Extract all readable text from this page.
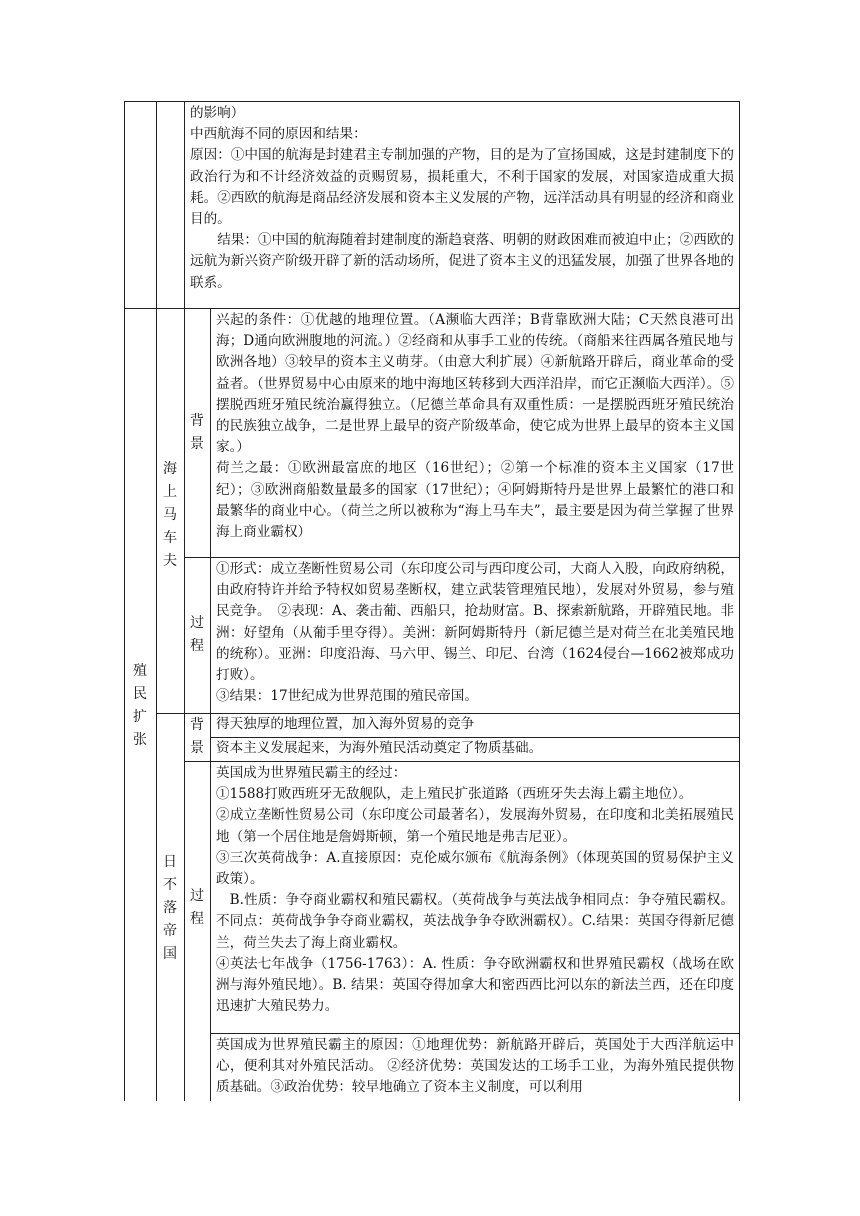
的影响）

中西航海不同的原因和结果：

原因：①中国的航海是封建君主专制加强的产物，目的是为了宣扬国威，这是封建制度下的政治行为和不计经济效益的贡赐贸易，损耗重大，不利于国家的发展，对国家造成重大损耗。②西欧的航海是商品经济发展和资本主义发展的产物，远洋活动具有明显的经济和商业目的。

结果：①中国的航海随着封建制度的渐趋衰落、明朝的财政困难而被迫中止；②西欧的远航为新兴资产阶级开辟了新的活动场所，促进了资本主义的迅猛发展，加强了世界各地的联系。

殖民扩张
海上马车夫
日不落帝国
背景
过程
背景
过程

兴起的条件：①优越的地理位置。（A濒临大西洋；B背靠欧洲大陆；C天然良港可出海；D通向欧洲腹地的河流。）②经商和从事手工业的传统。（商船来往西属各殖民地与欧洲各地）③较早的资本主义萌芽。（由意大利扩展）④新航路开辟后，商业革命的受益者。（世界贸易中心由原来的地中海地区转移到大西洋沿岸，而它正濒临大西洋）。⑤摆脱西班牙殖民统治赢得独立。（尼德兰革命具有双重性质：一是摆脱西班牙殖民统治的民族独立战争，二是世界上最早的资产阶级革命，使它成为世界上最早的资本主义国家。）

荷兰之最：①欧洲最富庶的地区（16世纪）；②第一个标准的资本主义国家（17世纪）；③欧洲商船数量最多的国家（17世纪）；④阿姆斯特丹是世界上最繁忙的港口和最繁华的商业中心。（荷兰之所以被称为“海上马车夫”，最主要是因为荷兰掌握了世界海上商业霸权）

①形式：成立垄断性贸易公司（东印度公司与西印度公司，大商人入股，向政府纳税，由政府特许并给予特权如贸易垄断权，建立武装管理殖民地），发展对外贸易，参与殖民竞争。　②表现：A、袭击葡、西船只，抢劫财富。B、探索新航路，开辟殖民地。非洲：好望角（从葡手里夺得）。美洲：新阿姆斯特丹（新尼德兰是对荷兰在北美殖民地的统称）。亚洲：印度沿海、马六甲、锡兰、印尼、台湾（1624侵台—1662被郑成功打败）。

③结果：17世纪成为世界范围的殖民帝国。

得天独厚的地理位置，加入海外贸易的竞争

资本主义发展起来，为海外殖民活动奠定了物质基础。

英国成为世界殖民霸主的经过：

①1588打败西班牙无敌舰队，走上殖民扩张道路（西班牙失去海上霸主地位）。

②成立垄断性贸易公司（东印度公司最著名），发展海外贸易，在印度和北美拓展殖民地（第一个居住地是詹姆斯顿，第一个殖民地是弗吉尼亚）。

③三次英荷战争：A.直接原因：克伦威尔颁布《航海条例》（体现英国的贸易保护主义政策）。

B.性质：争夺商业霸权和殖民霸权。（英荷战争与英法战争相同点：争夺殖民霸权。不同点：英荷战争争夺商业霸权，英法战争争夺欧洲霸权）。C.结果：英国夺得新尼德兰，荷兰失去了海上商业霸权。

④英法七年战争（1756-1763）：A. 性质：争夺欧洲霸权和世界殖民霸权（战场在欧洲与海外殖民地）。B. 结果：英国夺得加拿大和密西西比河以东的新法兰西，还在印度迅速扩大殖民势力。

英国成为世界殖民霸主的原因：①地理优势：新航路开辟后，英国处于大西洋航运中心，便利其对外殖民活动。 ②经济优势：英国发达的工场手工业，为海外殖民提供物质基础。③政治优势：较早地确立了资本主义制度，可以利用
